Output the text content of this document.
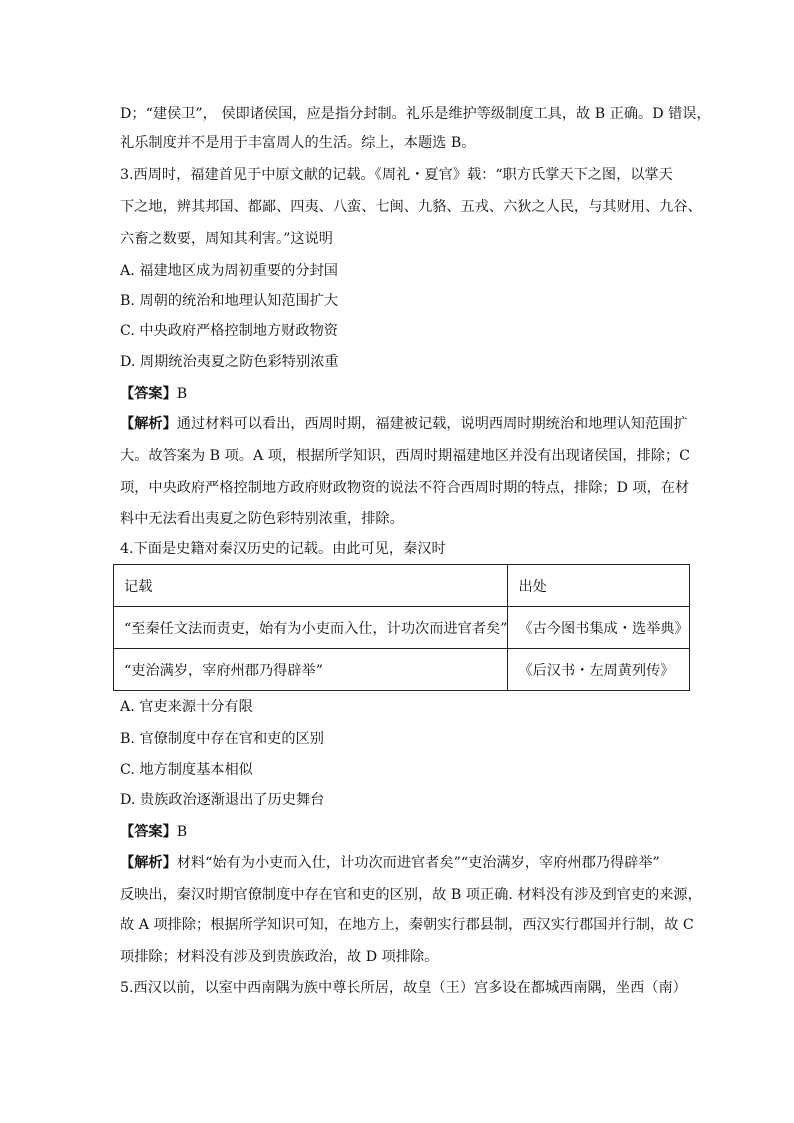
D；“建侯卫”， 侯即诸侯国，应是指分封制。礼乐是维护等级制度工具，故 B 正确。D 错误，
礼乐制度并不是用于丰富周人的生活。综上，本题选 B。
3.西周时，福建首见于中原文献的记载。《周礼・夏官》载：“职方氏掌天下之图，以掌天
下之地，辨其邦国、都鄙、四夷、八蛮、七闽、九貉、五戎、六狄之人民，与其财用、九谷、
六畜之数要，周知其利害。”这说明
A. 福建地区成为周初重要的分封国
B. 周朝的统治和地理认知范围扩大
C. 中央政府严格控制地方财政物资
D. 周期统治夷夏之防色彩特别浓重
【答案】B
【解析】通过材料可以看出，西周时期，福建被记载，说明西周时期统治和地理认知范围扩
大。故答案为 B 项。A 项，根据所学知识，西周时期福建地区并没有出现诸侯国，排除；C
项，中央政府严格控制地方政府财政物资的说法不符合西周时期的特点，排除；D 项，在材
料中无法看出夷夏之防色彩特别浓重，排除。
4.下面是史籍对秦汉历史的记载。由此可见，秦汉时
记载	出处
“至秦任文法而责吏，始有为小吏而入仕，计功次而进官者矣”	《古今图书集成・选举典》
“吏治满岁，宰府州郡乃得辟举”	《后汉书・左周黄列传》
A. 官吏来源十分有限
B. 官僚制度中存在官和吏的区别
C. 地方制度基本相似
D. 贵族政治逐渐退出了历史舞台
【答案】B
【解析】材料“始有为小吏而入仕，计功次而进官者矣”“吏治满岁，宰府州郡乃得辟举”
反映出，秦汉时期官僚制度中存在官和吏的区别，故 B 项正确. 材料没有涉及到官吏的来源，
故 A 项排除；根据所学知识可知，在地方上，秦朝实行郡县制，西汉实行郡国并行制，故 C
项排除；材料没有涉及到贵族政治，故 D 项排除。
5.西汉以前，以室中西南隅为族中尊长所居，故皇（王）宫多设在都城西南隅，坐西（南）
